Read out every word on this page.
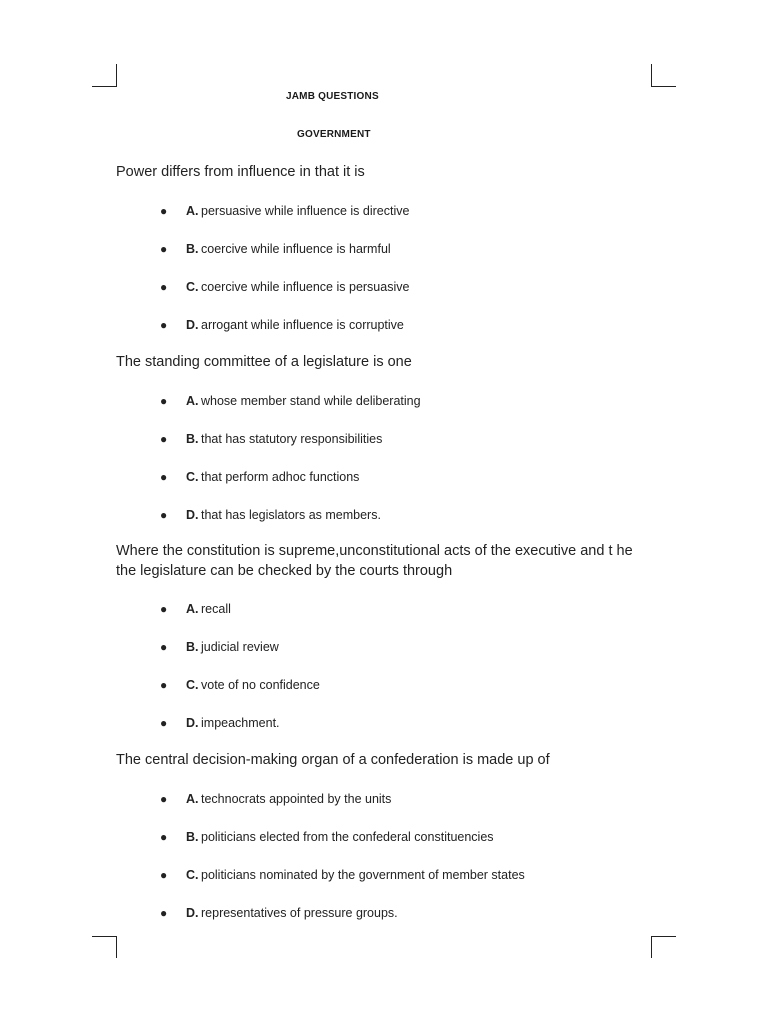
JAMB QUESTIONS
GOVERNMENT
Power differs from influence in that it is
● A. persuasive while influence is directive
● B. coercive while influence is harmful
● C. coercive while influence is persuasive
● D. arrogant while influence is corruptive
The standing committee of a legislature is one
● A. whose member stand while deliberating
● B. that has statutory responsibilities
● C. that perform adhoc functions
● D. that has legislators as members.
Where the constitution is supreme,unconstitutional acts of the executive and t he the legislature can be checked by the courts through
● A. recall
● B. judicial review
● C. vote of no confidence
● D. impeachment.
The central decision-making organ of a confederation is made up of
● A. technocrats appointed by the units
● B. politicians elected from the confederal constituencies
● C. politicians nominated by the government of member states
● D. representatives of pressure groups.
